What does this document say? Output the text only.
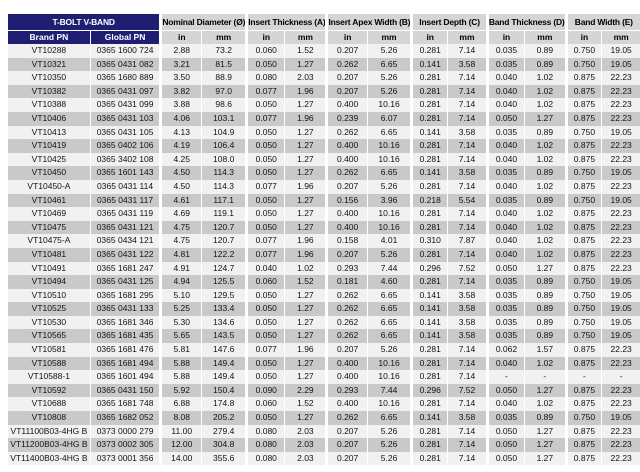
T-BOLT V-BAND		Nominal Diameter (Ø)		Insert Thickness (A)		Insert Apex Width (B)		Insert Depth (C)		Band Thickness (D)		Band Width (E)	
Brand PN	Global PN	in	mm	in	mm	in	mm	in	mm	in	mm	in	mm
VT10288	0365 1600 724	2.88	73.2	0.060	1.52	0.207	5.26	0.281	7.14	0.035	0.89	0.750	19.05
VT10321	0365 0431 082	3.21	81.5	0.050	1.27	0.262	6.65	0.141	3.58	0.035	0.89	0.750	19.05
VT10350	0365 1680 889	3.50	88.9	0.080	2.03	0.207	5.26	0.281	7.14	0.040	1.02	0.875	22.23
VT10382	0365 0431 097	3.82	97.0	0.077	1.96	0.207	5.26	0.281	7.14	0.040	1.02	0.875	22.23
VT10388	0365 0431 099	3.88	98.6	0.050	1.27	0.400	10.16	0.281	7.14	0.040	1.02	0.875	22.23
VT10406	0365 0431 103	4.06	103.1	0.077	1.96	0.239	6.07	0.281	7.14	0.050	1.27	0.875	22.23
VT10413	0365 0431 105	4.13	104.9	0.050	1.27	0.262	6.65	0.141	3.58	0.035	0.89	0.750	19.05
VT10419	0365 0402 106	4.19	106.4	0.050	1.27	0.400	10.16	0.281	7.14	0.040	1.02	0.875	22.23
VT10425	0365 3402 108	4.25	108.0	0.050	1.27	0.400	10.16	0.281	7.14	0.040	1.02	0.875	22.23
VT10450	0365 1601 143	4.50	114.3	0.050	1.27	0.262	6.65	0.141	3.58	0.035	0.89	0.750	19.05
VT10450-A	0365 0431 114	4.50	114.3	0.077	1.96	0.207	5.26	0.281	7.14	0.040	1.02	0.875	22.23
VT10461	0365 0431 117	4.61	117.1	0.050	1.27	0.156	3.96	0.218	5.54	0.035	0.89	0.750	19.05
VT10469	0365 0431 119	4.69	119.1	0.050	1.27	0.400	10.16	0.281	7.14	0.040	1.02	0.875	22.23
VT10475	0365 0431 121	4.75	120.7	0.050	1.27	0.400	10.16	0.281	7.14	0.040	1.02	0.875	22.23
VT10475-A	0365 0434 121	4.75	120.7	0.077	1.96	0.158	4.01	0.310	7.87	0.040	1.02	0.875	22.23
VT10481	0365 0431 122	4.81	122.2	0.077	1.96	0.207	5.26	0.281	7.14	0.040	1.02	0.875	22.23
VT10491	0365 1681 247	4.91	124.7	0.040	1.02	0.293	7.44	0.296	7.52	0.050	1.27	0.875	22.23
VT10494	0365 0431 125	4.94	125.5	0.060	1.52	0.181	4.60	0.281	7.14	0.035	0.89	0.750	19.05
VT10510	0365 1681 295	5.10	129.5	0.050	1.27	0.262	6.65	0.141	3.58	0.035	0.89	0.750	19.05
VT10525	0365 0431 133	5.25	133.4	0.050	1.27	0.262	6.65	0.141	3.58	0.035	0.89	0.750	19.05
VT10530	0365 1681 346	5.30	134.6	0.050	1.27	0.262	6.65	0.141	3.58	0.035	0.89	0.750	19.05
VT10565	0365 1681 435	5.65	143.5	0.050	1.27	0.262	6.65	0.141	3.58	0.035	0.89	0.750	19.05
VT10581	0365 1681 476	5.81	147.6	0.077	1.96	0.207	5.26	0.281	7.14	0.062	1.57	0.875	22.23
VT10588	0365 1681 494	5.88	149.4	0.050	1.27	0.400	10.16	0.281	7.14	0.040	1.02	0.875	22.23
VT10588-1	0365 1601 494	5.88	149.4	0.050	1.27	0.400	10.16	0.281	7.14	-	-	-	-
VT10592	0365 0431 150	5.92	150.4	0.090	2.29	0.293	7.44	0.296	7.52	0.050	1.27	0.875	22.23
VT10688	0365 1681 748	6.88	174.8	0.060	1.52	0.400	10.16	0.281	7.14	0.040	1.02	0.875	22.23
VT10808	0365 1682 052	8.08	205.2	0.050	1.27	0.262	6.65	0.141	3.58	0.035	0.89	0.750	19.05
VT11100B03-4HG B	0373 0000 279	11.00	279.4	0.080	2.03	0.207	5.26	0.281	7.14	0.050	1.27	0.875	22.23
VT11200B03-4HG B	0373 0002 305	12.00	304.8	0.080	2.03	0.207	5.26	0.281	7.14	0.050	1.27	0.875	22.23
VT11400B03-4HG B	0373 0001 356	14.00	355.6	0.080	2.03	0.207	5.26	0.281	7.14	0.050	1.27	0.875	22.23
